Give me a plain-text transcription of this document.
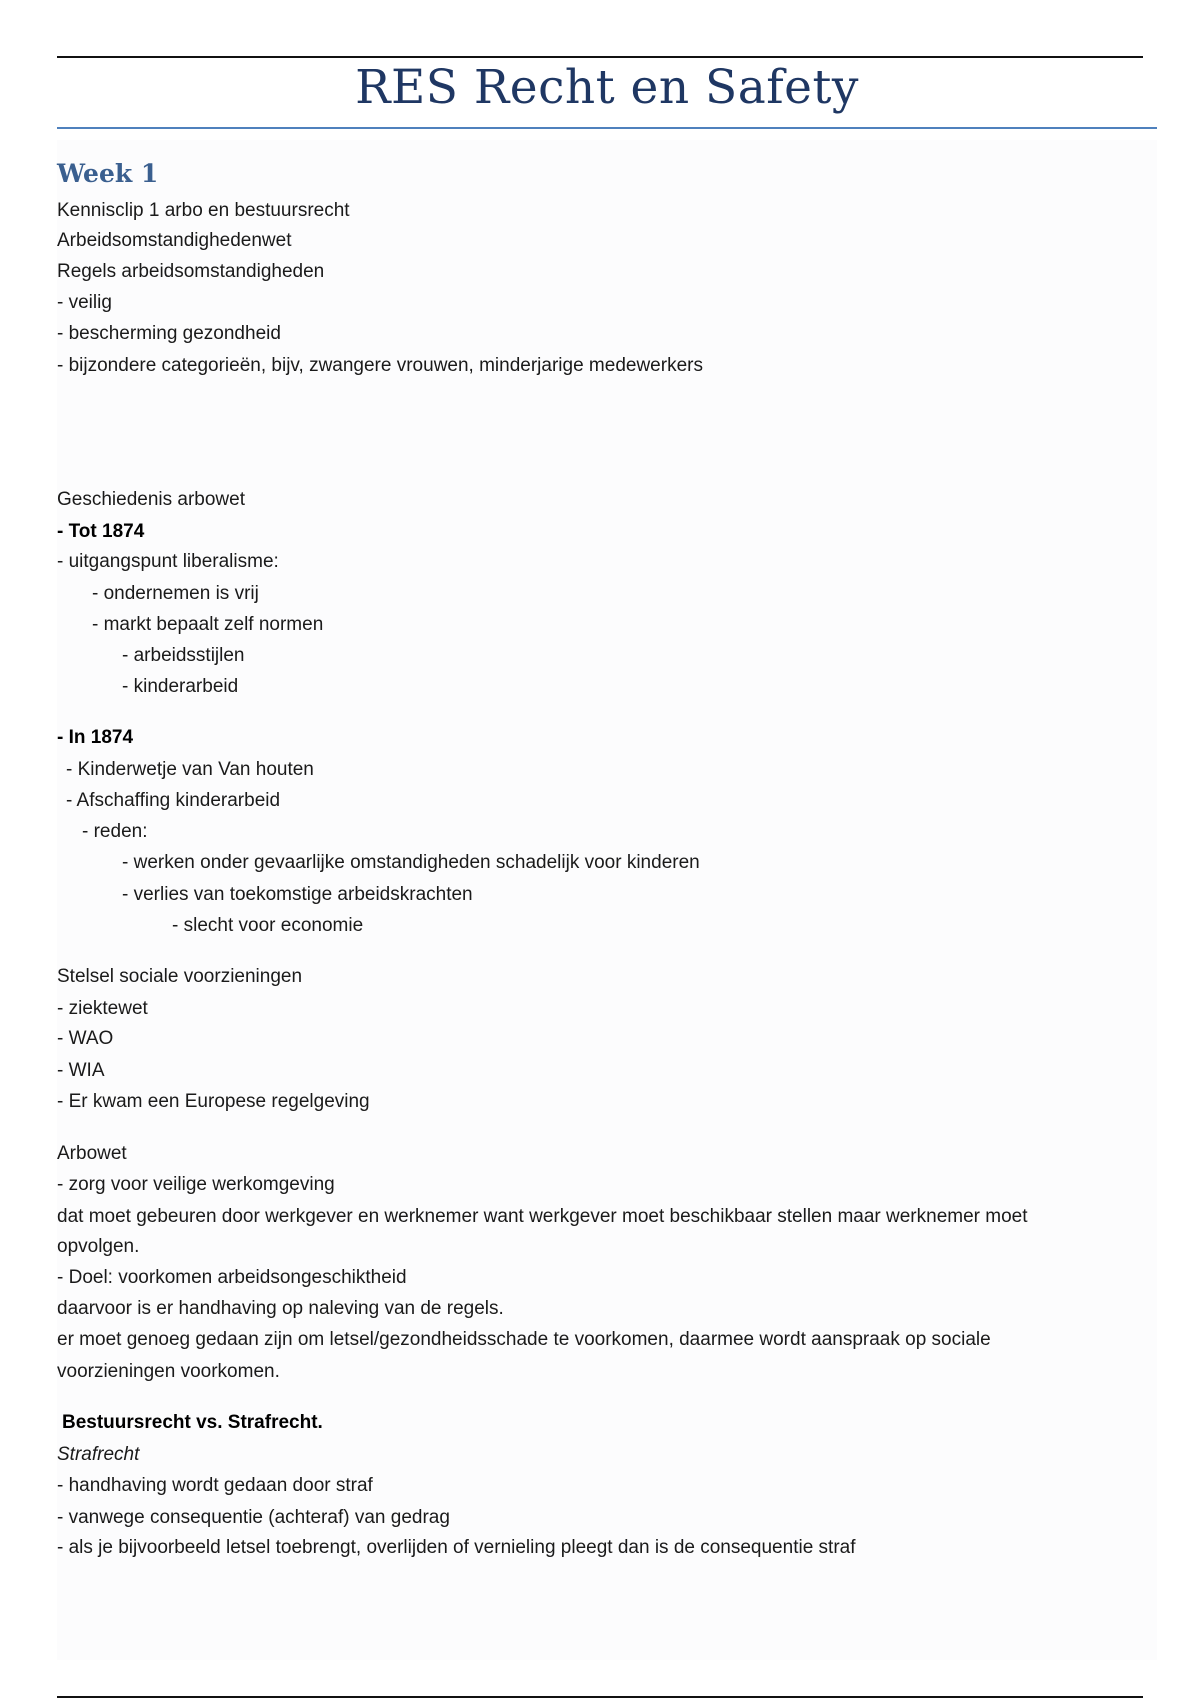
RES Recht en Safety
Week 1
Kennisclip 1 arbo en bestuursrecht
Arbeidsomstandighedenwet
Regels arbeidsomstandigheden
- veilig
- bescherming gezondheid
- bijzondere categorieën, bijv, zwangere vrouwen, minderjarige medewerkers
Geschiedenis arbowet
- Tot 1874
- uitgangspunt liberalisme:
- ondernemen is vrij
- markt bepaalt zelf normen
- arbeidsstijlen
- kinderarbeid
- In 1874
- Kinderwetje van Van houten
- Afschaffing kinderarbeid
- reden:
- werken onder gevaarlijke omstandigheden schadelijk voor kinderen
- verlies van toekomstige arbeidskrachten
- slecht voor economie
Stelsel sociale voorzieningen
- ziektewet
- WAO
- WIA
- Er kwam een Europese regelgeving
Arbowet
- zorg voor veilige werkomgeving
dat moet gebeuren door werkgever en werknemer want werkgever moet beschikbaar stellen maar werknemer moet
opvolgen.
- Doel: voorkomen arbeidsongeschiktheid
daarvoor is er handhaving op naleving van de regels.
er moet genoeg gedaan zijn om letsel/gezondheidsschade te voorkomen, daarmee wordt aanspraak op sociale
voorzieningen voorkomen.
Bestuursrecht vs. Strafrecht.
Strafrecht
- handhaving wordt gedaan door straf
- vanwege consequentie (achteraf) van gedrag
- als je bijvoorbeeld letsel toebrengt, overlijden of vernieling pleegt dan is de consequentie straf
